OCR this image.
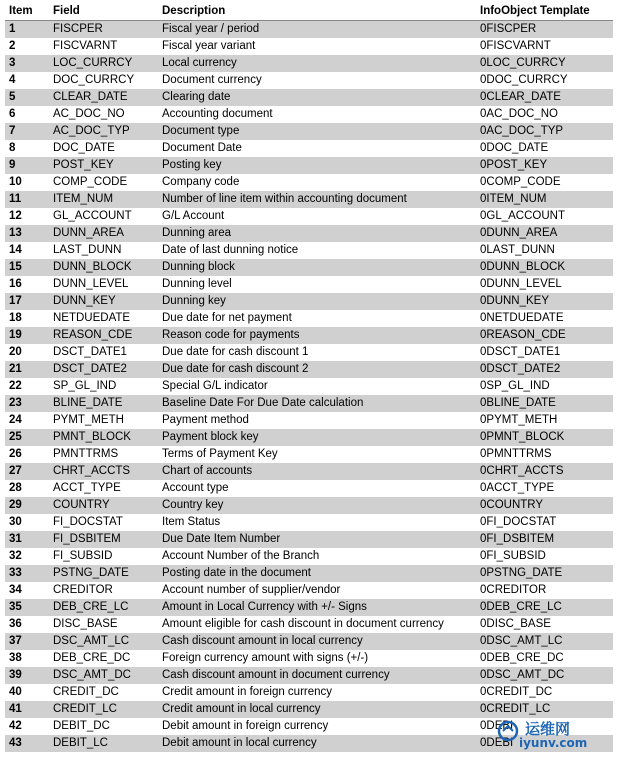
Item	Field	Description	InfoObject Template
1	FISCPER	Fiscal year / period	0FISCPER
2	FISCVARNT	Fiscal year variant	0FISCVARNT
3	LOC_CURRCY	Local currency	0LOC_CURRCY
4	DOC_CURRCY	Document currency	0DOC_CURRCY
5	CLEAR_DATE	Clearing date	0CLEAR_DATE
6	AC_DOC_NO	Accounting document	0AC_DOC_NO
7	AC_DOC_TYP	Document type	0AC_DOC_TYP
8	DOC_DATE	Document Date	0DOC_DATE
9	POST_KEY	Posting key	0POST_KEY
10	COMP_CODE	Company code	0COMP_CODE
11	ITEM_NUM	Number of line item within accounting document	0ITEM_NUM
12	GL_ACCOUNT	G/L Account	0GL_ACCOUNT
13	DUNN_AREA	Dunning area	0DUNN_AREA
14	LAST_DUNN	Date of last dunning notice	0LAST_DUNN
15	DUNN_BLOCK	Dunning block	0DUNN_BLOCK
16	DUNN_LEVEL	Dunning level	0DUNN_LEVEL
17	DUNN_KEY	Dunning key	0DUNN_KEY
18	NETDUEDATE	Due date for net payment	0NETDUEDATE
19	REASON_CDE	Reason code for payments	0REASON_CDE
20	DSCT_DATE1	Due date for cash discount 1	0DSCT_DATE1
21	DSCT_DATE2	Due date for cash discount 2	0DSCT_DATE2
22	SP_GL_IND	Special G/L indicator	0SP_GL_IND
23	BLINE_DATE	Baseline Date For Due Date calculation	0BLINE_DATE
24	PYMT_METH	Payment method	0PYMT_METH
25	PMNT_BLOCK	Payment block key	0PMNT_BLOCK
26	PMNTTRMS	Terms of Payment Key	0PMNTTRMS
27	CHRT_ACCTS	Chart of accounts	0CHRT_ACCTS
28	ACCT_TYPE	Account type	0ACCT_TYPE
29	COUNTRY	Country key	0COUNTRY
30	FI_DOCSTAT	Item Status	0FI_DOCSTAT
31	FI_DSBITEM	Due Date Item Number	0FI_DSBITEM
32	FI_SUBSID	Account Number of the Branch	0FI_SUBSID
33	PSTNG_DATE	Posting date in the document	0PSTNG_DATE
34	CREDITOR	Account number of supplier/vendor	0CREDITOR
35	DEB_CRE_LC	Amount in Local Currency with +/- Signs	0DEB_CRE_LC
36	DISC_BASE	Amount eligible for cash discount in document currency	0DISC_BASE
37	DSC_AMT_LC	Cash discount amount in local currency	0DSC_AMT_LC
38	DEB_CRE_DC	Foreign currency amount with signs (+/-)	0DEB_CRE_DC
39	DSC_AMT_DC	Cash discount amount in document currency	0DSC_AMT_DC
40	CREDIT_DC	Credit amount in foreign currency	0CREDIT_DC
41	CREDIT_LC	Credit amount in local currency	0CREDIT_LC
42	DEBIT_DC	Debit amount in foreign currency	0DEBI
43	DEBIT_LC	Debit amount in local currency	0DEBI
运维网
iyunv.com
